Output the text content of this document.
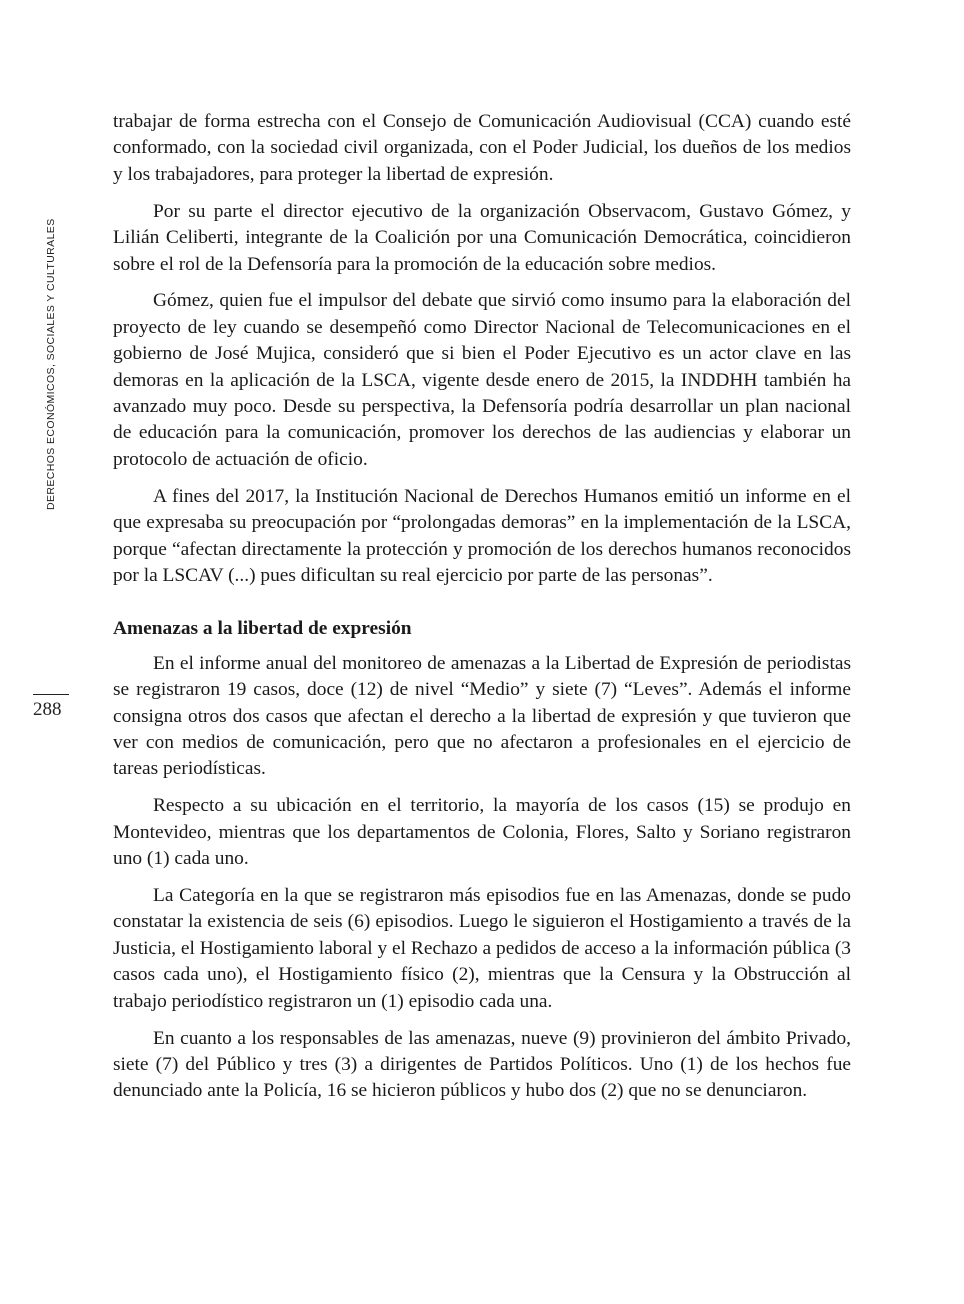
DERECHOS ECONÓMICOS, SOCIALES Y CULTURALES
288

trabajar de forma estrecha con el Consejo de Comunicación Audiovisual (CCA) cuando esté conformado, con la sociedad civil organizada, con el Poder Judicial, los dueños de los medios y los trabajadores, para proteger la libertad de expresión.

Por su parte el director ejecutivo de la organización Observacom, Gustavo Gómez, y Lilián Celiberti, integrante de la Coalición por una Comunicación Democrática, coincidieron sobre el rol de la Defensoría para la promoción de la educación sobre medios.

Gómez, quien fue el impulsor del debate que sirvió como insumo para la elaboración del proyecto de ley cuando se desempeñó como Director Nacional de Telecomunicaciones en el gobierno de José Mujica, consideró que si bien el Poder Ejecutivo es un actor clave en las demoras en la aplicación de la LSCA, vigente desde enero de 2015, la INDDHH también ha avanzado muy poco. Desde su perspectiva, la Defensoría podría desarrollar un plan nacional de educación para la comunicación, promover los derechos de las audiencias y elaborar un protocolo de actuación de oficio.

A fines del 2017, la Institución Nacional de Derechos Humanos emitió un informe en el que expresaba su preocupación por “prolongadas demoras” en la implementación de la LSCA, porque “afectan directamente la protección y promoción de los derechos humanos reconocidos por la LSCAV (...) pues dificultan su real ejercicio por parte de las personas”.

Amenazas a la libertad de expresión

En el informe anual del monitoreo de amenazas a la Libertad de Expresión de periodistas se registraron 19 casos, doce (12) de nivel “Medio” y siete (7) “Leves”. Además el informe consigna otros dos casos que afectan el derecho a la libertad de expresión y que tuvieron que ver con medios de comunicación, pero que no afectaron a profesionales en el ejercicio de tareas periodísticas.

Respecto a su ubicación en el territorio, la mayoría de los casos (15) se produjo en Montevideo, mientras que los departamentos de Colonia, Flores, Salto y Soriano registraron uno (1) cada uno.

La Categoría en la que se registraron más episodios fue en las Amenazas, donde se pudo constatar la existencia de seis (6) episodios. Luego le siguieron el Hostigamiento a través de la Justicia, el Hostigamiento laboral y el Rechazo a pedidos de acceso a la información pública (3 casos cada uno), el Hostigamiento físico (2), mientras que la Censura y la Obstrucción al trabajo periodístico registraron un (1) episodio cada una.

En cuanto a los responsables de las amenazas, nueve (9) provinieron del ámbito Privado, siete (7) del Público y tres (3) a dirigentes de Partidos Políticos. Uno (1) de los hechos fue denunciado ante la Policía, 16 se hicieron públicos y hubo dos (2) que no se denunciaron.
